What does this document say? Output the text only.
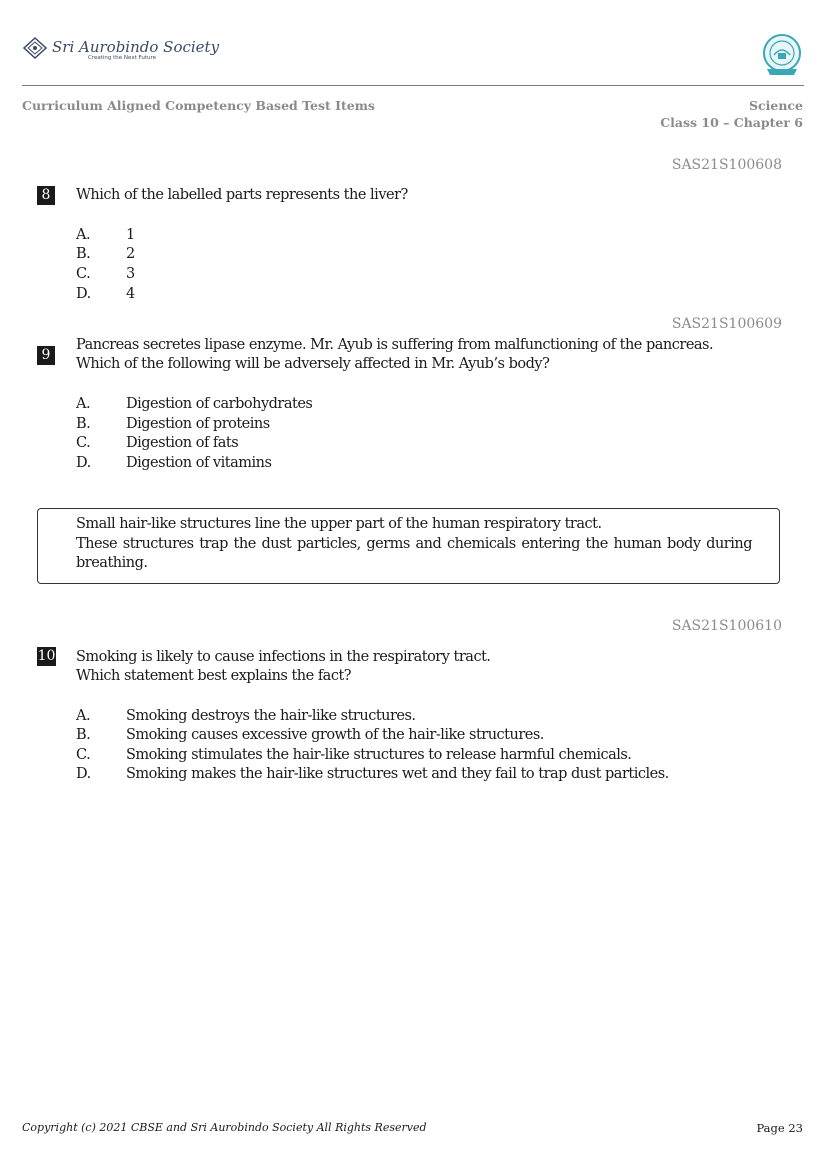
Sri Aurobindo Society
Creating the Next Future
Curriculum Aligned Competency Based Test Items	Science
Class 10 – Chapter 6
SAS21S100608
8	Which of the labelled parts represents the liver?
A. 1
B. 2
C. 3
D. 4
SAS21S100609
9
Pancreas secretes lipase enzyme. Mr. Ayub is suffering from malfunctioning of the pancreas.
Which of the following will be adversely affected in Mr. Ayub’s body?
A. Digestion of carbohydrates
B. Digestion of proteins
C. Digestion of fats
D. Digestion of vitamins
Small hair-like structures line the upper part of the human respiratory tract.
These structures trap the dust particles, germs and chemicals entering the human body during
breathing.
SAS21S100610
10 Smoking is likely to cause infections in the respiratory tract.
Which statement best explains the fact?
A. Smoking destroys the hair-like structures.
B. Smoking causes excessive growth of the hair-like structures.
C. Smoking stimulates the hair-like structures to release harmful chemicals.
D. Smoking makes the hair-like structures wet and they fail to trap dust particles.
Copyright (c) 2021 CBSE and Sri Aurobindo Society All Rights Reserved	Page 23
